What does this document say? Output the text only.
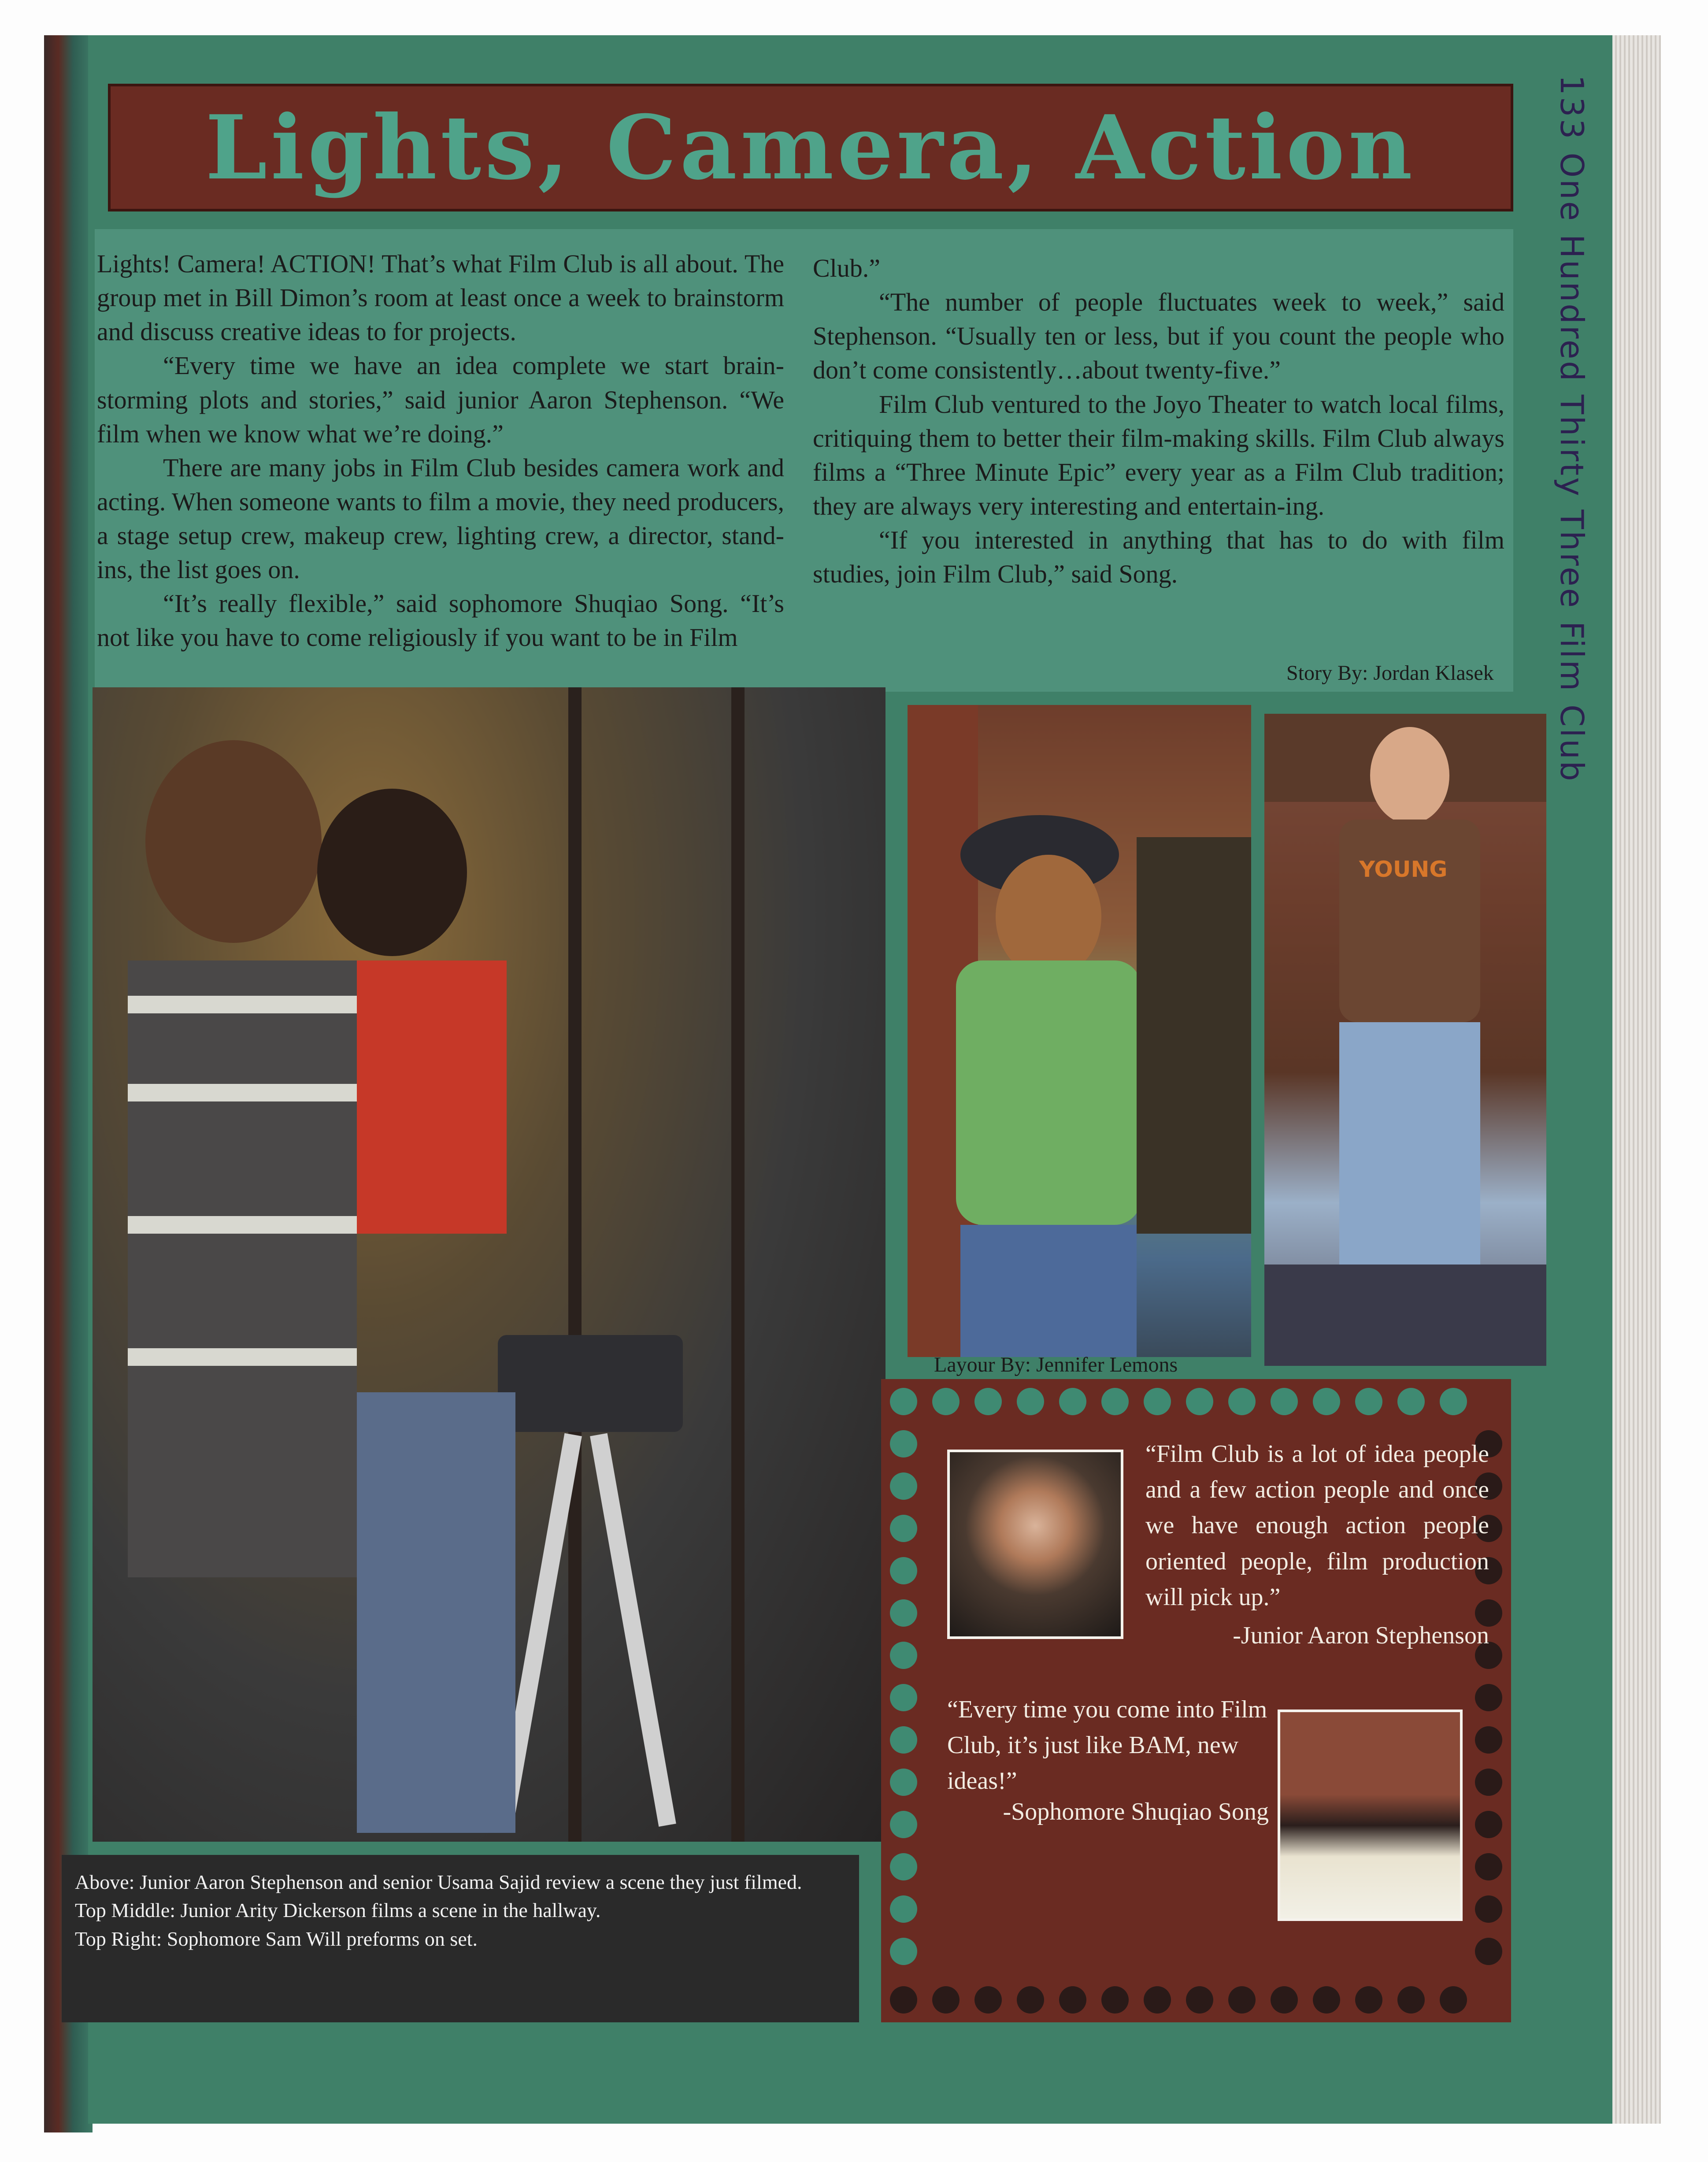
Lights, Camera, Action	133 One Hundred Thirty Three Film Club

Lights! Camera! ACTION! That’s what Film Club is all about. The group met in Bill Dimon’s room at least once a week to brainstorm and discuss creative ideas to for projects.

“Every time we have an idea complete we start brain-storming plots and stories,” said junior Aaron Stephenson. “We film when we know what we’re doing.”

There are many jobs in Film Club besides camera work and acting. When someone wants to film a movie, they need producers, a stage setup crew, makeup crew, lighting crew, a director, stand-ins, the list goes on.

“It’s really flexible,” said sophomore Shuqiao Song. “It’s not like you have to come religiously if you want to be in Film

Club.”

“The number of people fluctuates week to week,” said Stephenson. “Usually ten or less, but if you count the people who don’t come consistently…about twenty-five.”

Film Club ventured to the Joyo Theater to watch local films, critiquing them to better their film-making skills. Film Club always films a “Three Minute Epic” every year as a Film Club tradition; they are always very interesting and entertain-ing.

“If you interested in anything that has to do with film studies, join Film Club,” said Song.

Story By: Jordan Klasek
YOUNG
Layour By: Jennifer Lemons

Above: Junior Aaron Stephenson and senior Usama Sajid review a scene they just filmed.

Top Middle: Junior Arity Dickerson films a scene in the hallway.

Top Right: Sophomore Sam Will preforms on set.

“Film Club is a lot of idea people and a few action people and once we have enough action people oriented people, film production will pick up.”
-Junior Aaron Stephenson
“Every time you come into Film Club, it’s just like BAM, new ideas!”
-Sophomore Shuqiao Song
